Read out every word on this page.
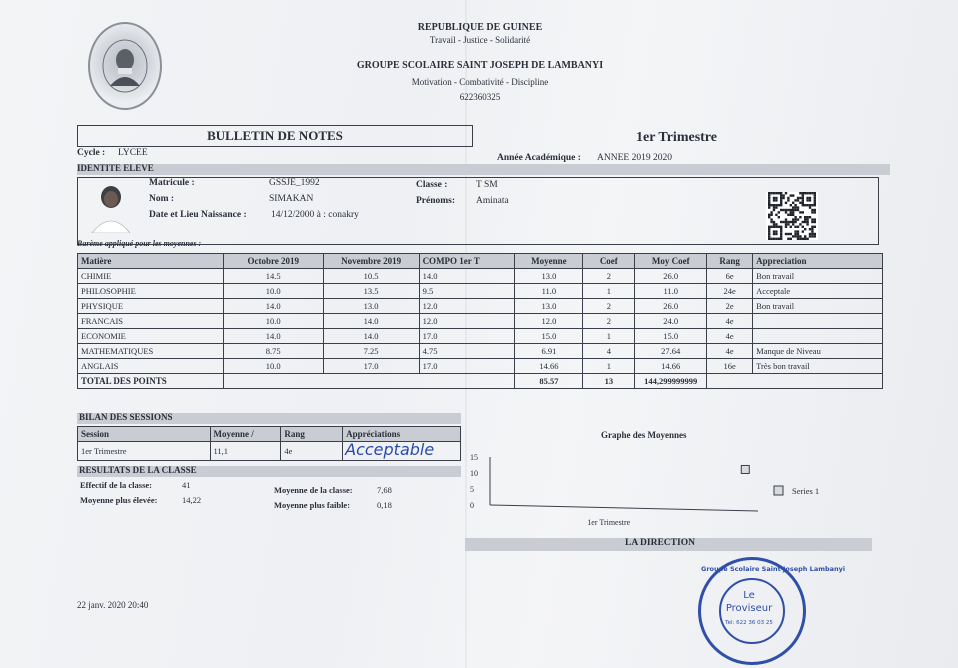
REPUBLIQUE DE GUINEE
Travail - Justice - Solidarité
GROUPE SCOLAIRE SAINT JOSEPH DE LAMBANYI
Motivation - Combativité - Discipline
622360325
BULLETIN DE NOTES	1er Trimestre
Cycle : LYCEE	Année Académique : ANNEE 2019 2020
IDENTITE ELEVE
Matricule :	GSSJE_1992
Nom :	SIMAKAN
Date et Lieu Naissance :	14/12/2000 à : conakry
Classe :	T SM
Prénoms: Aminata
Barème appliqué pour les moyennes :
Matière	Octobre 2019	Novembre 2019	COMPO 1er T	Moyenne	Coef	Moy Coef	Rang	Appreciation
CHIMIE	14.5	10.5	14.0	13.0	2	26.0	6e	Bon travail
PHILOSOPHIE	10.0	13.5	9.5	11.0	1	11.0	24e	Acceptale
PHYSIQUE	14.0	13.0	12.0	13.0	2	26.0	2e	Bon travail
FRANCAIS	10.0	14.0	12.0	12.0	2	24.0	4e	
ECONOMIE	14.0	14.0	17.0	15.0	1	15.0	4e	
MATHEMATIQUES	8.75	7.25	4.75	6.91	4	27.64	4e	Manque de Niveau
ANGLAIS	10.0	17.0	17.0	14.66	1	14.66	16e	Très bon travail
TOTAL DES POINTS				85.57	13	144,299999999		
BILAN DES SESSIONS
Session	Moyenne /	Rang	Appréciations
1er Trimestre	11,1	4e	Acceptable
RESULTATS DE LA CLASSE
Effectif de la classe:	41
Moyenne plus élevée:	14,22
Moyenne de la classe:	7,68
Moyenne plus faible:	0,18
Graphe des Moyennes
15
10
5
0
1er Trimestre
Series 1
LA DIRECTION
22 janv. 2020 20:40
Le
Proviseur
Tel: 622 36 03 25
Groupe Scolaire Saint Joseph Lambanyi
